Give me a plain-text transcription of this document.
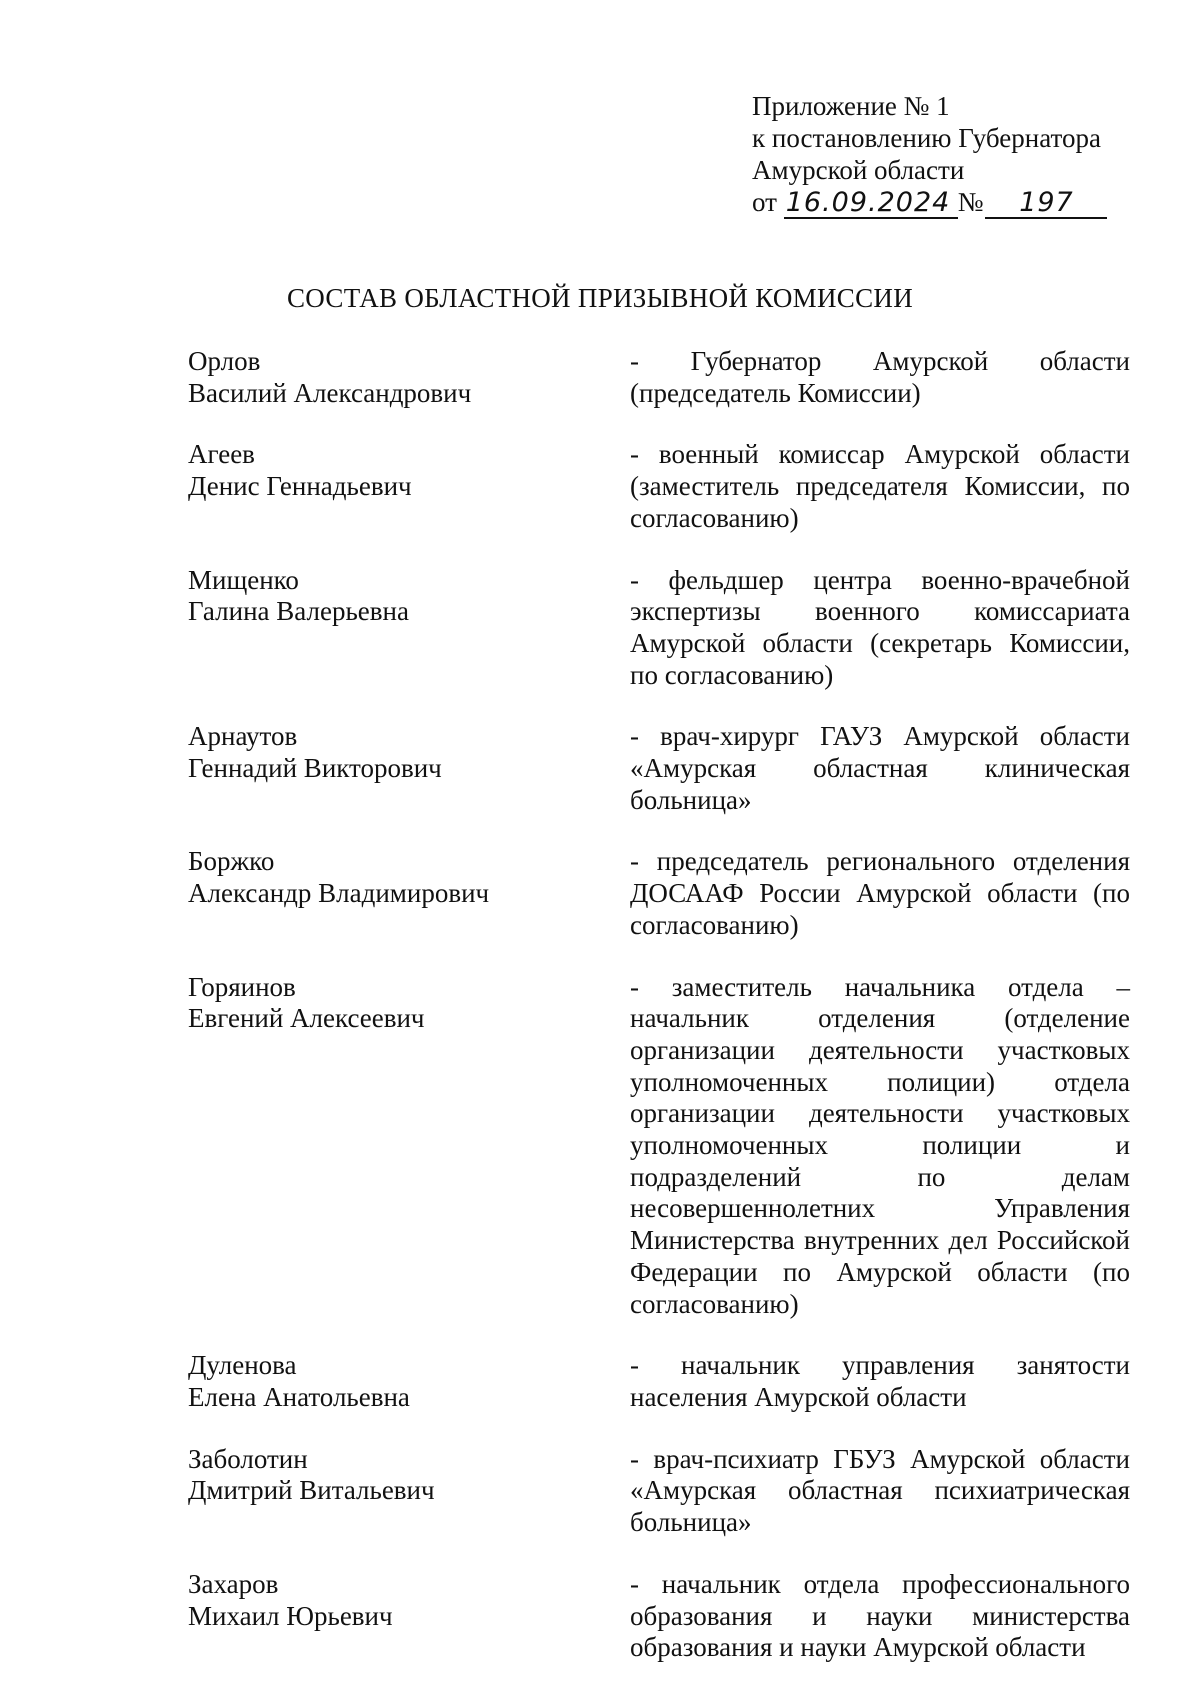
Приложение № 1
к постановлению Губернатора
Амурской области
от 16.09.2024 № 197
СОСТАВ ОБЛАСТНОЙ ПРИЗЫВНОЙ КОМИССИИ
Орлов
Василий Александрович
- Губернатор Амурской области (председатель Комиссии)
Агеев
Денис Геннадьевич
- военный комиссар Амурской области (заместитель председателя Комиссии, по согласованию)
Мищенко
Галина Валерьевна
- фельдшер центра военно-врачебной экспертизы военного комиссариата Амурской области (секретарь Комиссии, по согласованию)
Арнаутов
Геннадий Викторович
- врач-хирург ГАУЗ Амурской области «Амурская областная клиническая больница»
Боржко
Александр Владимирович
- председатель регионального отделения ДОСААФ России Амурской области (по согласованию)
Горяинов
Евгений Алексеевич
- заместитель начальника отдела – начальник отделения (отделение организации деятельности участковых уполномоченных полиции) отдела организации деятельности участковых уполномоченных полиции и подразделений по делам несовершеннолетних Управления Министерства внутренних дел Российской Федерации по Амурской области (по согласованию)
Дуленова
Елена Анатольевна
- начальник управления занятости населения Амурской области
Заболотин
Дмитрий Витальевич
- врач-психиатр ГБУЗ Амурской области «Амурская областная психиатрическая больница»
Захаров
Михаил Юрьевич
- начальник отдела профессионального образования и науки министерства образования и науки Амурской области
